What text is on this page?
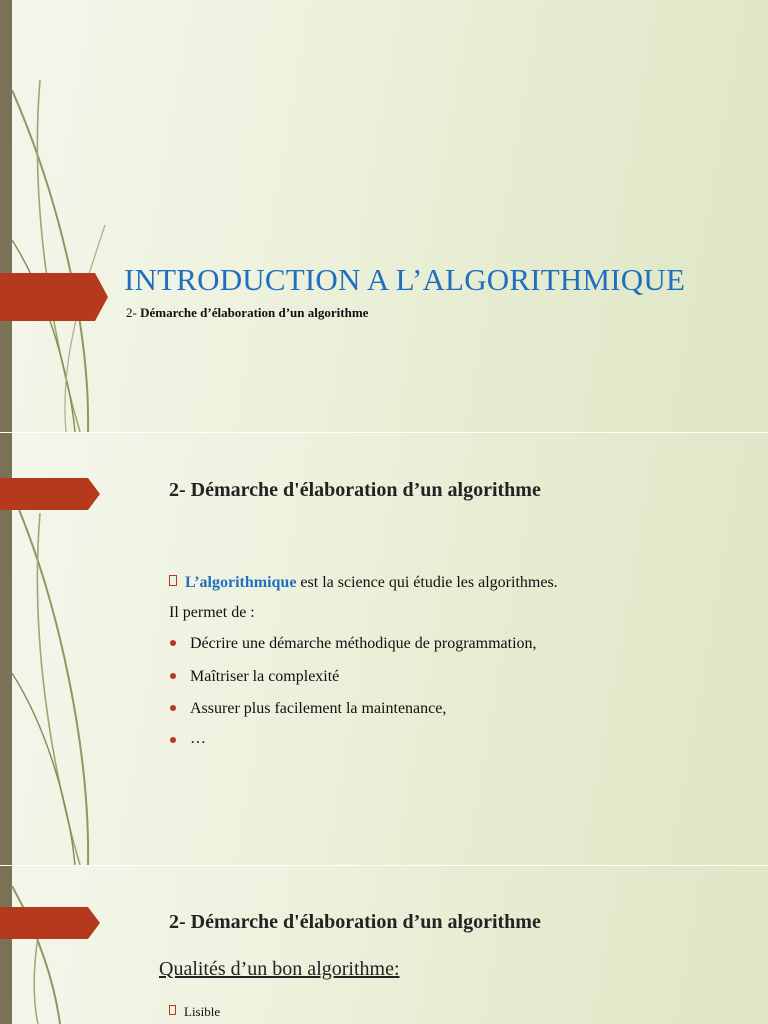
INTRODUCTION A L’ALGORITHMIQUE

2- Démarche d’élaboration d’un algorithme

2- Démarche d'élaboration d’un algorithme

L’algorithmique est la science qui étudie les algorithmes.

Il permet de :

Décrire une démarche méthodique de programmation,

Maîtriser la complexité

Assurer plus facilement la maintenance,

…

2- Démarche d'élaboration d’un algorithme

Qualités d’un bon algorithme:

Lisible
